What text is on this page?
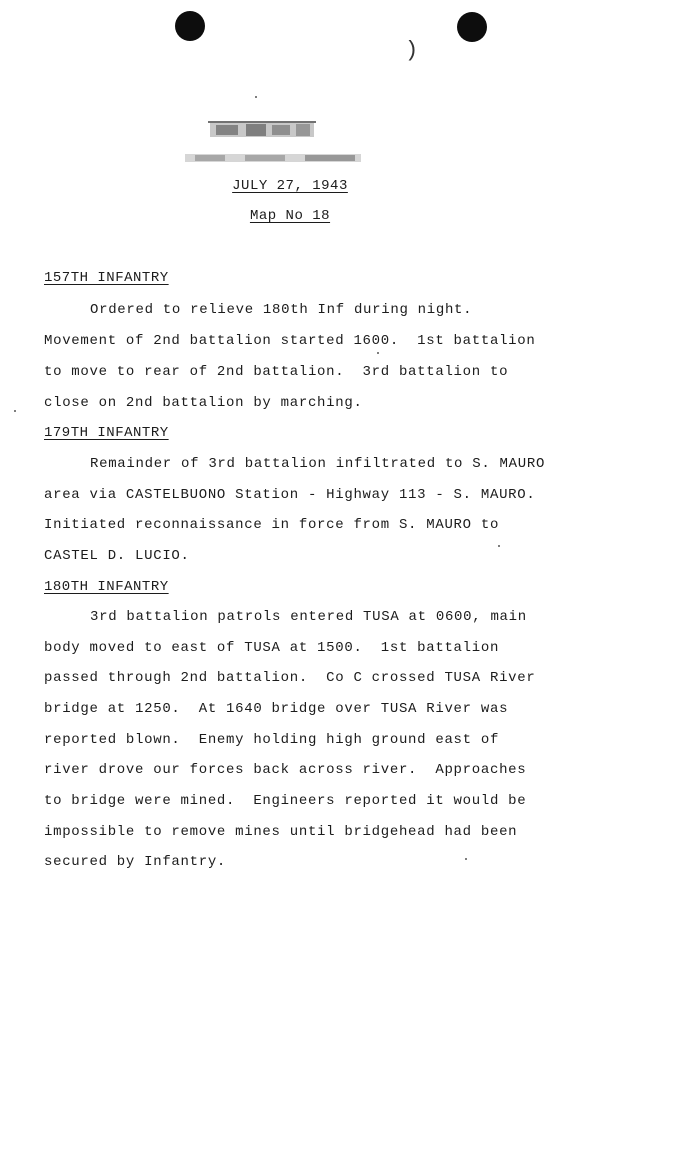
)
JULY 27, 1943
Map No 18
157TH INFANTRY
Ordered to relieve 180th Inf during night.
Movement of 2nd battalion started 1600.  1st battalion
to move to rear of 2nd battalion.  3rd battalion to
close on 2nd battalion by marching.
179TH INFANTRY
Remainder of 3rd battalion infiltrated to S. MAURO
area via CASTELBUONO Station - Highway 113 - S. MAURO.
Initiated reconnaissance in force from S. MAURO to
CASTEL D. LUCIO.
180TH INFANTRY
3rd battalion patrols entered TUSA at 0600, main
body moved to east of TUSA at 1500.  1st battalion
passed through 2nd battalion.  Co C crossed TUSA River
bridge at 1250.  At 1640 bridge over TUSA River was
reported blown.  Enemy holding high ground east of
river drove our forces back across river.  Approaches
to bridge were mined.  Engineers reported it would be
impossible to remove mines until bridgehead had been
secured by Infantry.
